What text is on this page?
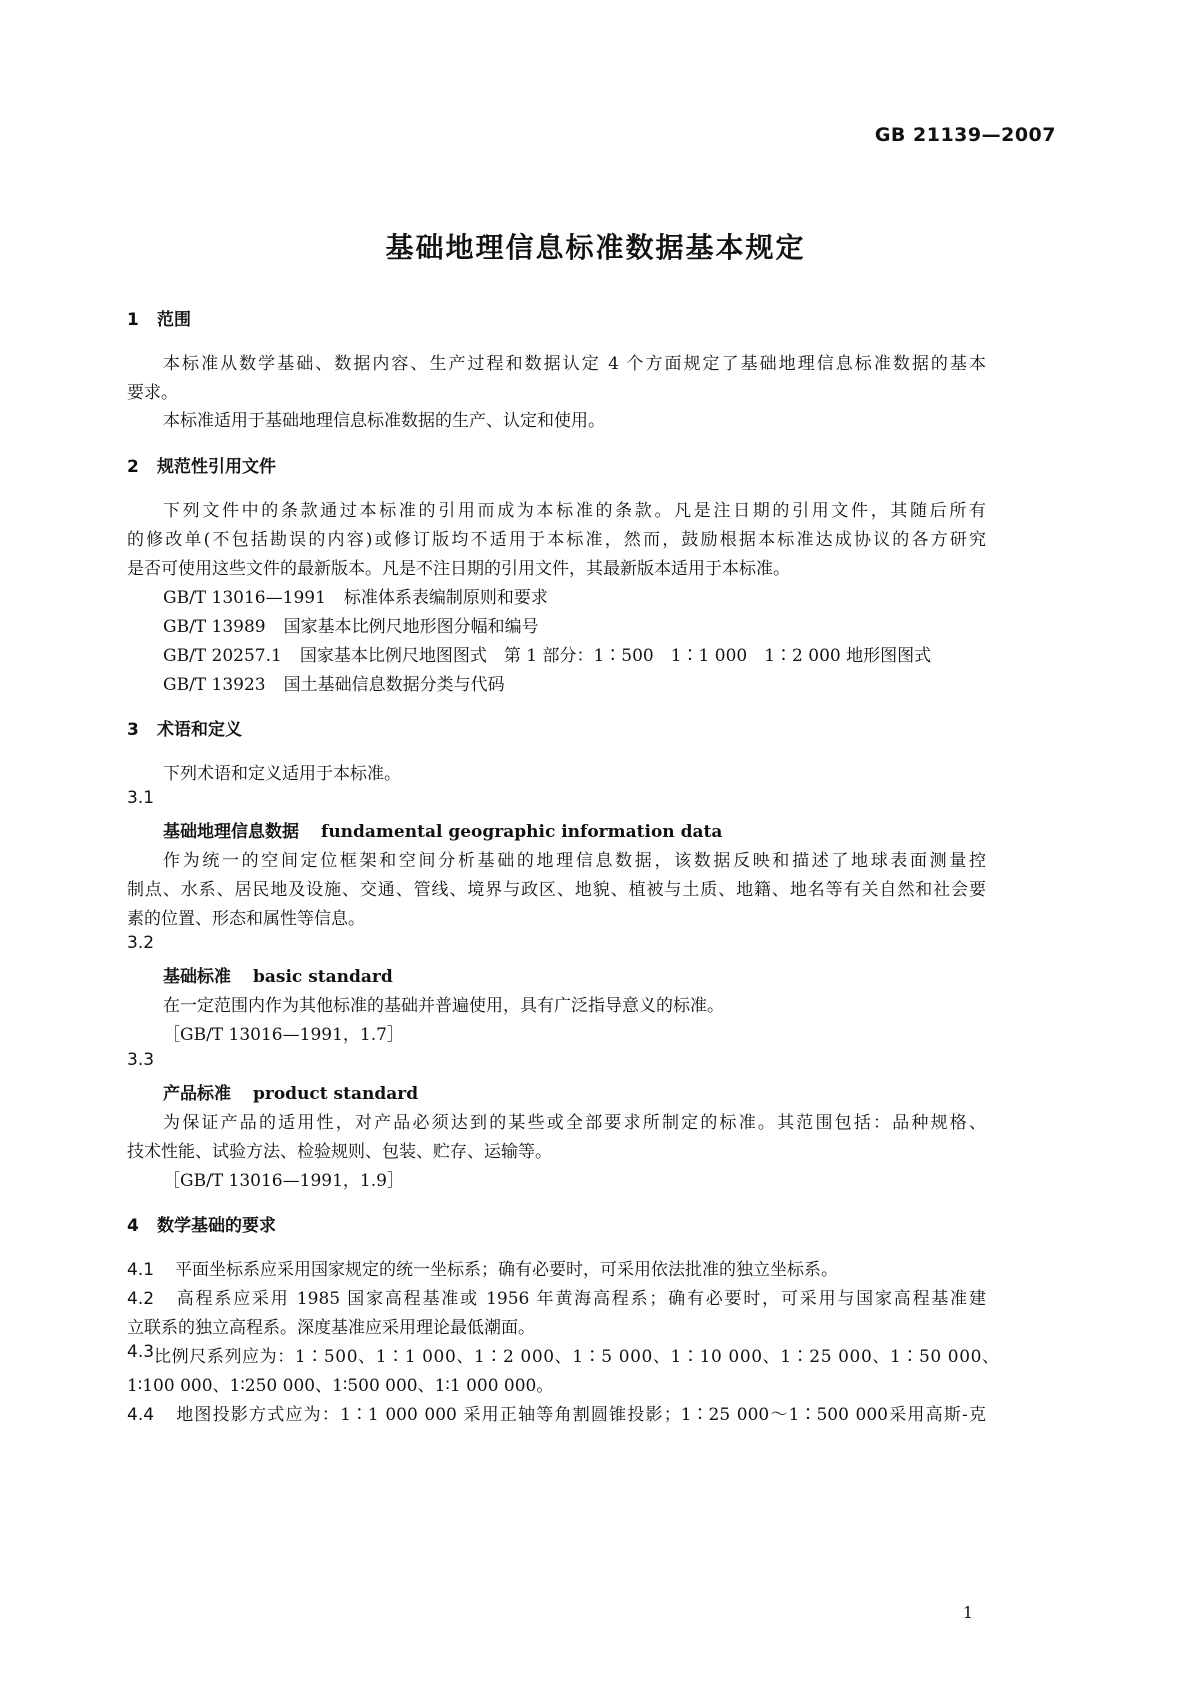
GB 21139—2007
基础地理信息标准数据基本规定
1 范围
本标准从数学基础、数据内容、生产过程和数据认定 4 个方面规定了基础地理信息标准数据的基本
要求。
本标准适用于基础地理信息标准数据的生产、认定和使用。
2 规范性引用文件
下列文件中的条款通过本标准的引用而成为本标准的条款。凡是注日期的引用文件，其随后所有
的修改单(不包括勘误的内容)或修订版均不适用于本标准，然而，鼓励根据本标准达成协议的各方研究
是否可使用这些文件的最新版本。凡是不注日期的引用文件，其最新版本适用于本标准。
GB/T 13016—1991 标准体系表编制原则和要求
GB/T 13989 国家基本比例尺地形图分幅和编号
GB/T 20257.1 国家基本比例尺地图图式　第 1 部分：1∶500　1∶1 000　1∶2 000 地形图图式
GB/T 13923 国土基础信息数据分类与代码
3 术语和定义
下列术语和定义适用于本标准。
3.1
基础地理信息数据 fundamental geographic information data
作为统一的空间定位框架和空间分析基础的地理信息数据，该数据反映和描述了地球表面测量控
制点、水系、居民地及设施、交通、管线、境界与政区、地貌、植被与土质、地籍、地名等有关自然和社会要
素的位置、形态和属性等信息。
3.2
基础标准 basic standard
在一定范围内作为其他标准的基础并普遍使用，具有广泛指导意义的标准。
［GB/T 13016—1991，1.7］
3.3
产品标准 product standard
为保证产品的适用性，对产品必须达到的某些或全部要求所制定的标准。其范围包括：品种规格、
技术性能、试验方法、检验规则、包装、贮存、运输等。
［GB/T 13016—1991，1.9］
4 数学基础的要求
4.1 平面坐标系应采用国家规定的统一坐标系；确有必要时，可采用依法批准的独立坐标系。
4.2 高程系应采用 1985 国家高程基准或 1956 年黄海高程系；确有必要时，可采用与国家高程基准建
立联系的独立高程系。深度基准应采用理论最低潮面。
4.3 比例尺系列应为：1∶500、1∶1 000、1∶2 000、1∶5 000、1∶10 000、1∶25 000、1∶50 000、
1∶100 000、1∶250 000、1∶500 000、1∶1 000 000。
4.4 地图投影方式应为：1∶1 000 000 采用正轴等角割圆锥投影；1∶25 000～1∶500 000采用高斯-克
1
